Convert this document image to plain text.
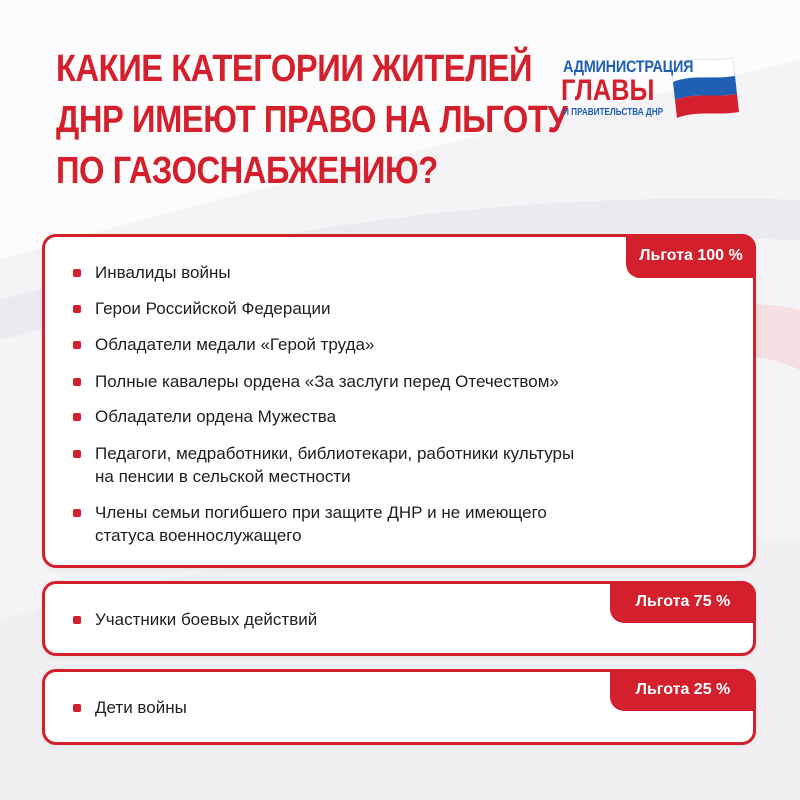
КАКИЕ КАТЕГОРИИ ЖИТЕЛЕЙ
ДНР ИМЕЮТ ПРАВО НА ЛЬГОТУ
ПО ГАЗОСНАБЖЕНИЮ?
АДМИНИСТРАЦИЯ
ГЛАВЫ
И ПРАВИТЕЛЬСТВА ДНР
Льгота 100 %
Инвалиды войны
Герои Российской Федерации
Обладатели медали «Герой труда»
Полные кавалеры ордена «За заслуги перед Отечеством»
Обладатели ордена Мужества
Педагоги, медработники, библиотекари, работники культуры
на пенсии в сельской местности
Члены семьи погибшего при защите ДНР и не имеющего
статуса военнослужащего
Льгота 75 %
Участники боевых действий
Льгота 25 %
Дети войны
